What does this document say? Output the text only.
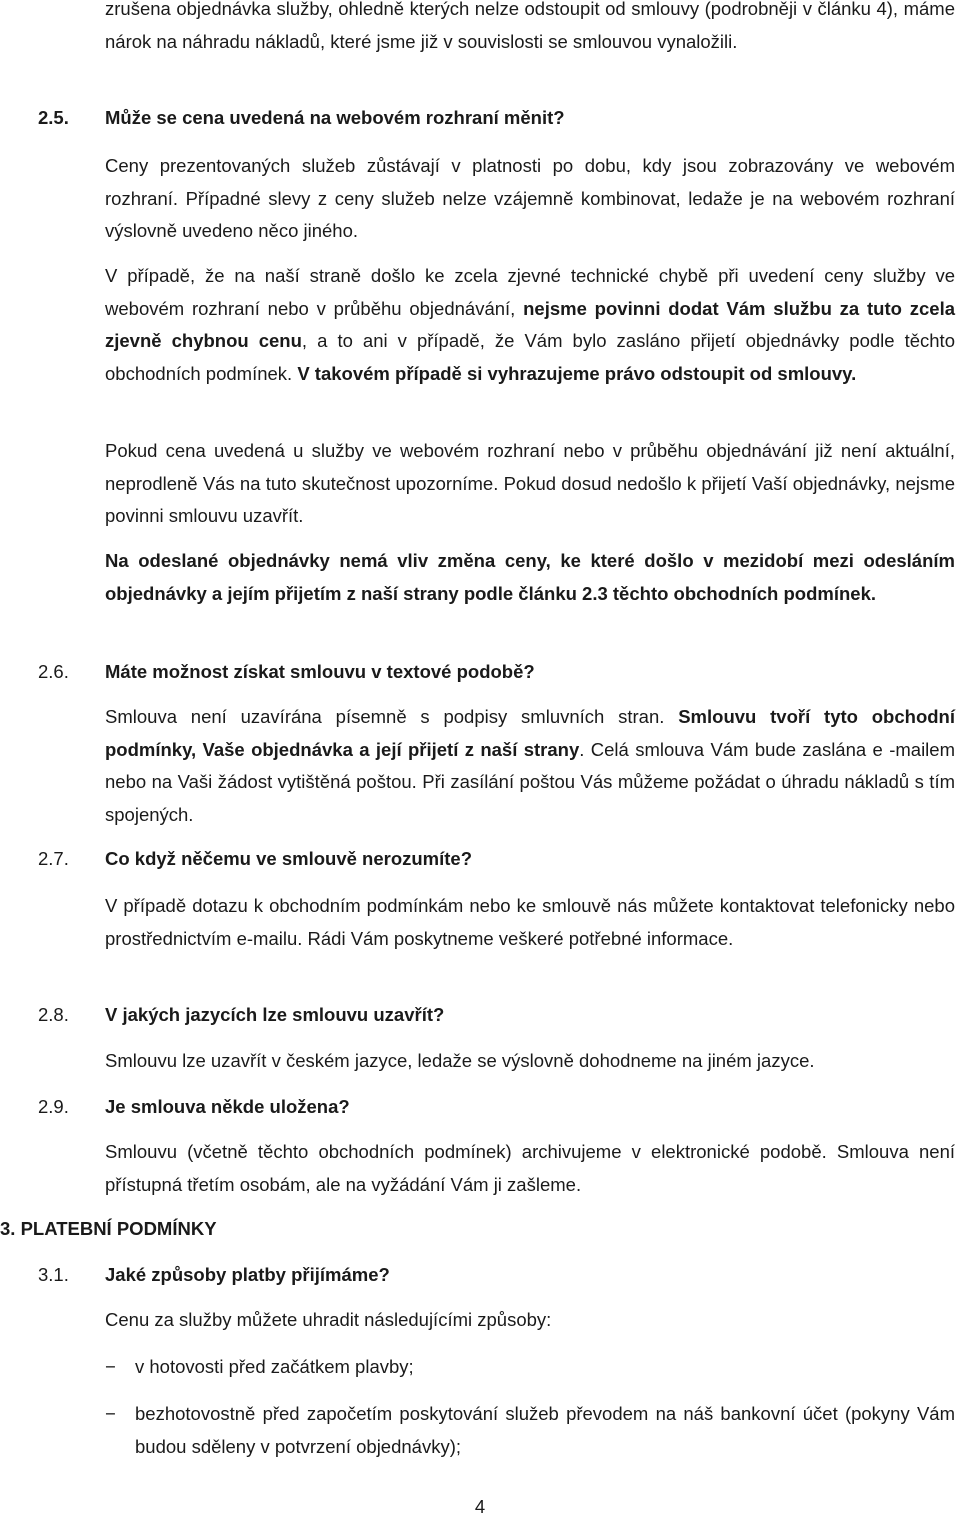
zrušena objednávka služby, ohledně kterých nelze odstoupit od smlouvy (podrobněji v článku 4), máme nárok na náhradu nákladů, které jsme již v souvislosti se smlouvou vynaložili.

2.5. Může se cena uvedená na webovém rozhraní měnit?

Ceny prezentovaných služeb zůstávají v platnosti po dobu, kdy jsou zobrazovány ve webovém rozhraní. Případné slevy z ceny služeb nelze vzájemně kombinovat, ledaže je na webovém rozhraní výslovně uvedeno něco jiného.

V případě, že na naší straně došlo ke zcela zjevné technické chybě při uvedení ceny služby ve webovém rozhraní nebo v průběhu objednávání, nejsme povinni dodat Vám službu za tuto zcela zjevně chybnou cenu, a to ani v případě, že Vám bylo zasláno přijetí objednávky podle těchto obchodních podmínek. V takovém případě si vyhrazujeme právo odstoupit od smlouvy.

Pokud cena uvedená u služby ve webovém rozhraní nebo v průběhu objednávání již není aktuální, neprodleně Vás na tuto skutečnost upozorníme. Pokud dosud nedošlo k přijetí Vaší objednávky, nejsme povinni smlouvu uzavřít.

Na odeslané objednávky nemá vliv změna ceny, ke které došlo v mezidobí mezi odesláním objednávky a jejím přijetím z naší strany podle článku 2.3 těchto obchodních podmínek.

2.6. Máte možnost získat smlouvu v textové podobě?

Smlouva není uzavírána písemně s podpisy smluvních stran. Smlouvu tvoří tyto obchodní podmínky, Vaše objednávka a její přijetí z naší strany. Celá smlouva Vám bude zaslána e -mailem nebo na Vaši žádost vytištěná poštou. Při zasílání poštou Vás můžeme požádat o úhradu nákladů s tím spojených.

2.7. Co když něčemu ve smlouvě nerozumíte?

V případě dotazu k obchodním podmínkám nebo ke smlouvě nás můžete kontaktovat telefonicky nebo prostřednictvím e-mailu. Rádi Vám poskytneme veškeré potřebné informace.

2.8. V jakých jazycích lze smlouvu uzavřít?

Smlouvu lze uzavřít v českém jazyce, ledaže se výslovně dohodneme na jiném jazyce.

2.9. Je smlouva někde uložena?

Smlouvu (včetně těchto obchodních podmínek) archivujeme v elektronické podobě. Smlouva není přístupná třetím osobám, ale na vyžádání Vám ji zašleme.

3. PLATEBNÍ PODMÍNKY
3.1. Jaké způsoby platby přijímáme?

Cenu za služby můžete uhradit následujícími způsoby:

− v hotovosti před začátkem plavby;
− bezhotovostně před započetím poskytování služeb převodem na náš bankovní účet (pokyny Vám budou sděleny v potvrzení objednávky);
4
